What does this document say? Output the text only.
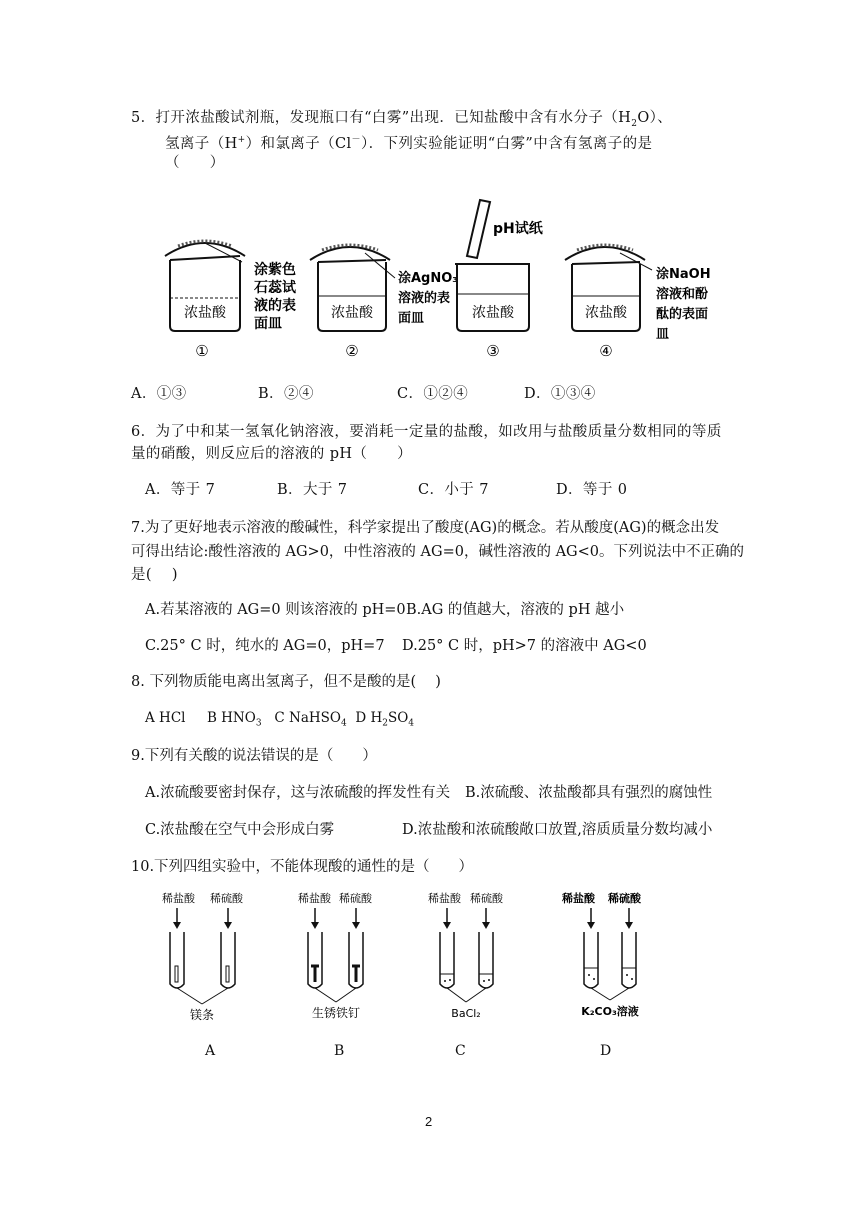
5．打开浓盐酸试剂瓶，发现瓶口有“白雾”出现．已知盐酸中含有水分子$(H_2O)$、
氢离子（H+）和氯离子（Cl－）．下列实验能证明“白雾”中含有氢离子的是
（　　）
pH试纸
浓盐酸
涂紫色
石蕊试
液的表
面皿
①
浓盐酸
涂AgNO₃
溶液的表
面皿
②
浓盐酸
③
浓盐酸
涂NaOH
溶液和酚
酞的表面
皿
④
A．①③	B．②④	C．①②④	D．①③④
6．为了中和某一氢氧化钠溶液，要消耗一定量的盐酸，如改用与盐酸质量分数相同的等质
量的硝酸，则反应后的溶液的 pH（　　）
A．等于 7	B．大于 7	C．小于 7	D．等于 0
7.为了更好地表示溶液的酸碱性，科学家提出了酸度(AG)的概念。若从酸度(AG)的概念出发
可得出结论:酸性溶液的 AG>0，中性溶液的 AG=0，碱性溶液的 AG<0。下列说法中不正确的
是(　 )
A.若某溶液的 AG=0 则该溶液的 pH=0 B.AG 的值越大，溶液的 pH 越小
C.25° C 时，纯水的 AG=0，pH=7 D.25° C 时，pH>7 的溶液中 AG<0
8. 下列物质能电离出氢离子，但不是酸的是(　 )
A HCl B $HNO_3$ C NaHSO$_4$ D $H_2SO_4$
9.下列有关酸的说法错误的是（　　）
A.浓硫酸要密封保存，这与浓硫酸的挥发性有关 B.浓硫酸、浓盐酸都具有强烈的腐蚀性
C.浓盐酸在空气中会形成白雾	D.浓盐酸和浓硫酸敞口放置,溶质质量分数均减小
10.下列四组实验中，不能体现酸的通性的是（　　）
稀盐酸 稀硫酸
镁条
稀盐酸 稀硫酸
生锈铁钉
稀盐酸 稀硫酸
BaCl₂
稀盐酸 稀硫酸
K₂CO₃溶液
A	B	C	D
2
